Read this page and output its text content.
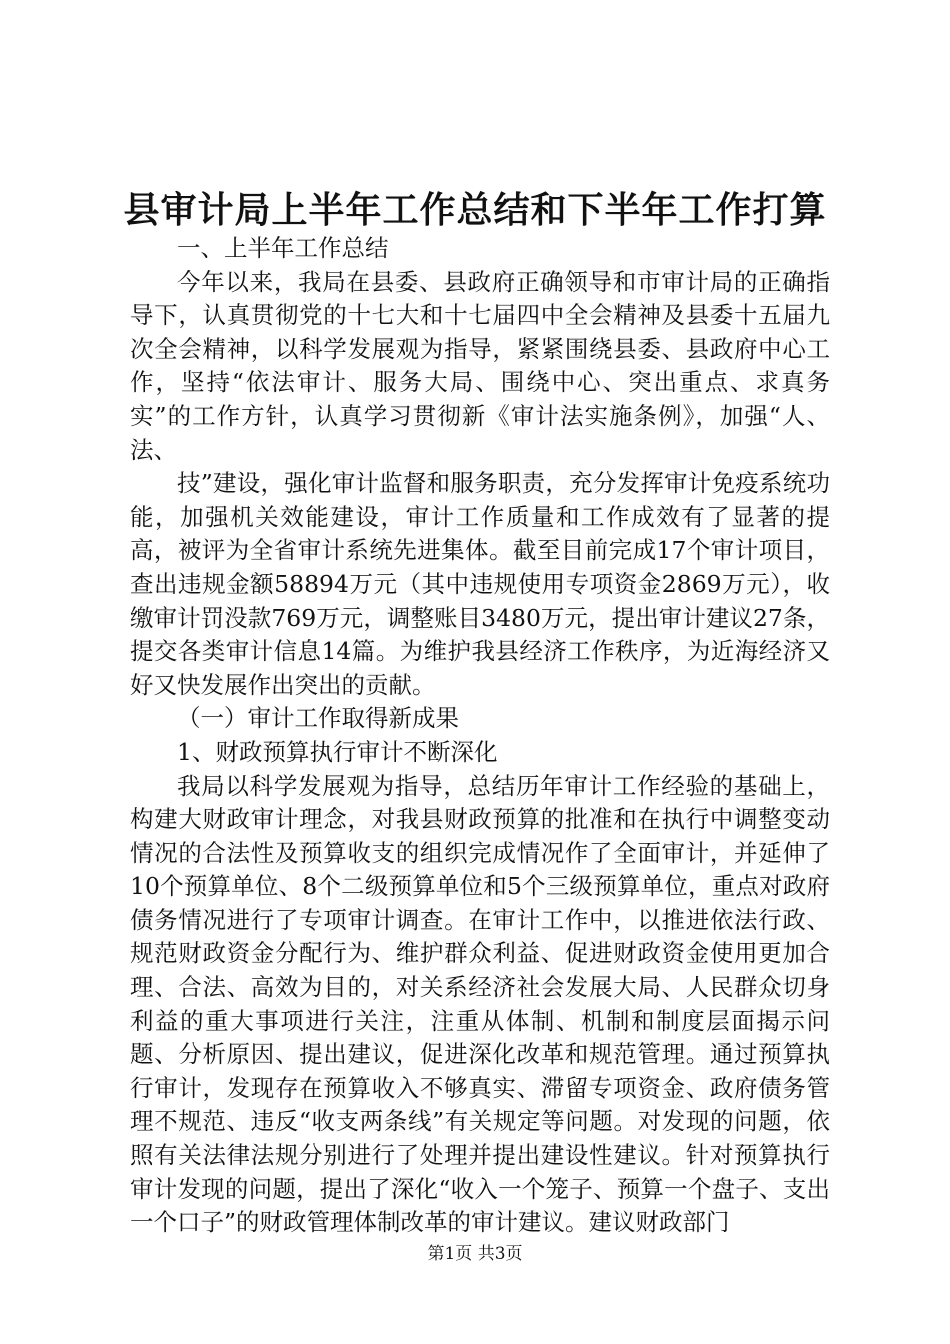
县审计局上半年工作总结和下半年工作打算

一、上半年工作总结

今年以来，我局在县委、县政府正确领导和市审计局的正确指导下，认真贯彻党的十七大和十七届四中全会精神及县委十五届九次全会精神，以科学发展观为指导，紧紧围绕县委、县政府中心工作，坚持“依法审计、服务大局、围绕中心、突出重点、求真务实”的工作方针，认真学习贯彻新《审计法实施条例》，加强“人、法、

技”建设，强化审计监督和服务职责，充分发挥审计免疫系统功能，加强机关效能建设，审计工作质量和工作成效有了显著的提高，被评为全省审计系统先进集体。截至目前完成17个审计项目，查出违规金额58894万元（其中违规使用专项资金2869万元），收缴审计罚没款769万元，调整账目3480万元，提出审计建议27条，提交各类审计信息14篇。为维护我县经济工作秩序，为近海经济又好又快发展作出突出的贡献。

（一）审计工作取得新成果

1、财政预算执行审计不断深化

我局以科学发展观为指导，总结历年审计工作经验的基础上，构建大财政审计理念，对我县财政预算的批准和在执行中调整变动情况的合法性及预算收支的组织完成情况作了全面审计，并延伸了10个预算单位、8个二级预算单位和5个三级预算单位，重点对政府债务情况进行了专项审计调查。在审计工作中，以推进依法行政、规范财政资金分配行为、维护群众利益、促进财政资金使用更加合理、合法、高效为目的，对关系经济社会发展大局、人民群众切身利益的重大事项进行关注，注重从体制、机制和制度层面揭示问题、分析原因、提出建议，促进深化改革和规范管理。通过预算执行审计，发现存在预算收入不够真实、滞留专项资金、政府债务管理不规范、违反“收支两条线”有关规定等问题。对发现的问题，依照有关法律法规分别进行了处理并提出建设性建议。针对预算执行审计发现的问题，提出了深化“收入一个笼子、预算一个盘子、支出一个口子”的财政管理体制改革的审计建议。建议财政部门

第1页 共3页
